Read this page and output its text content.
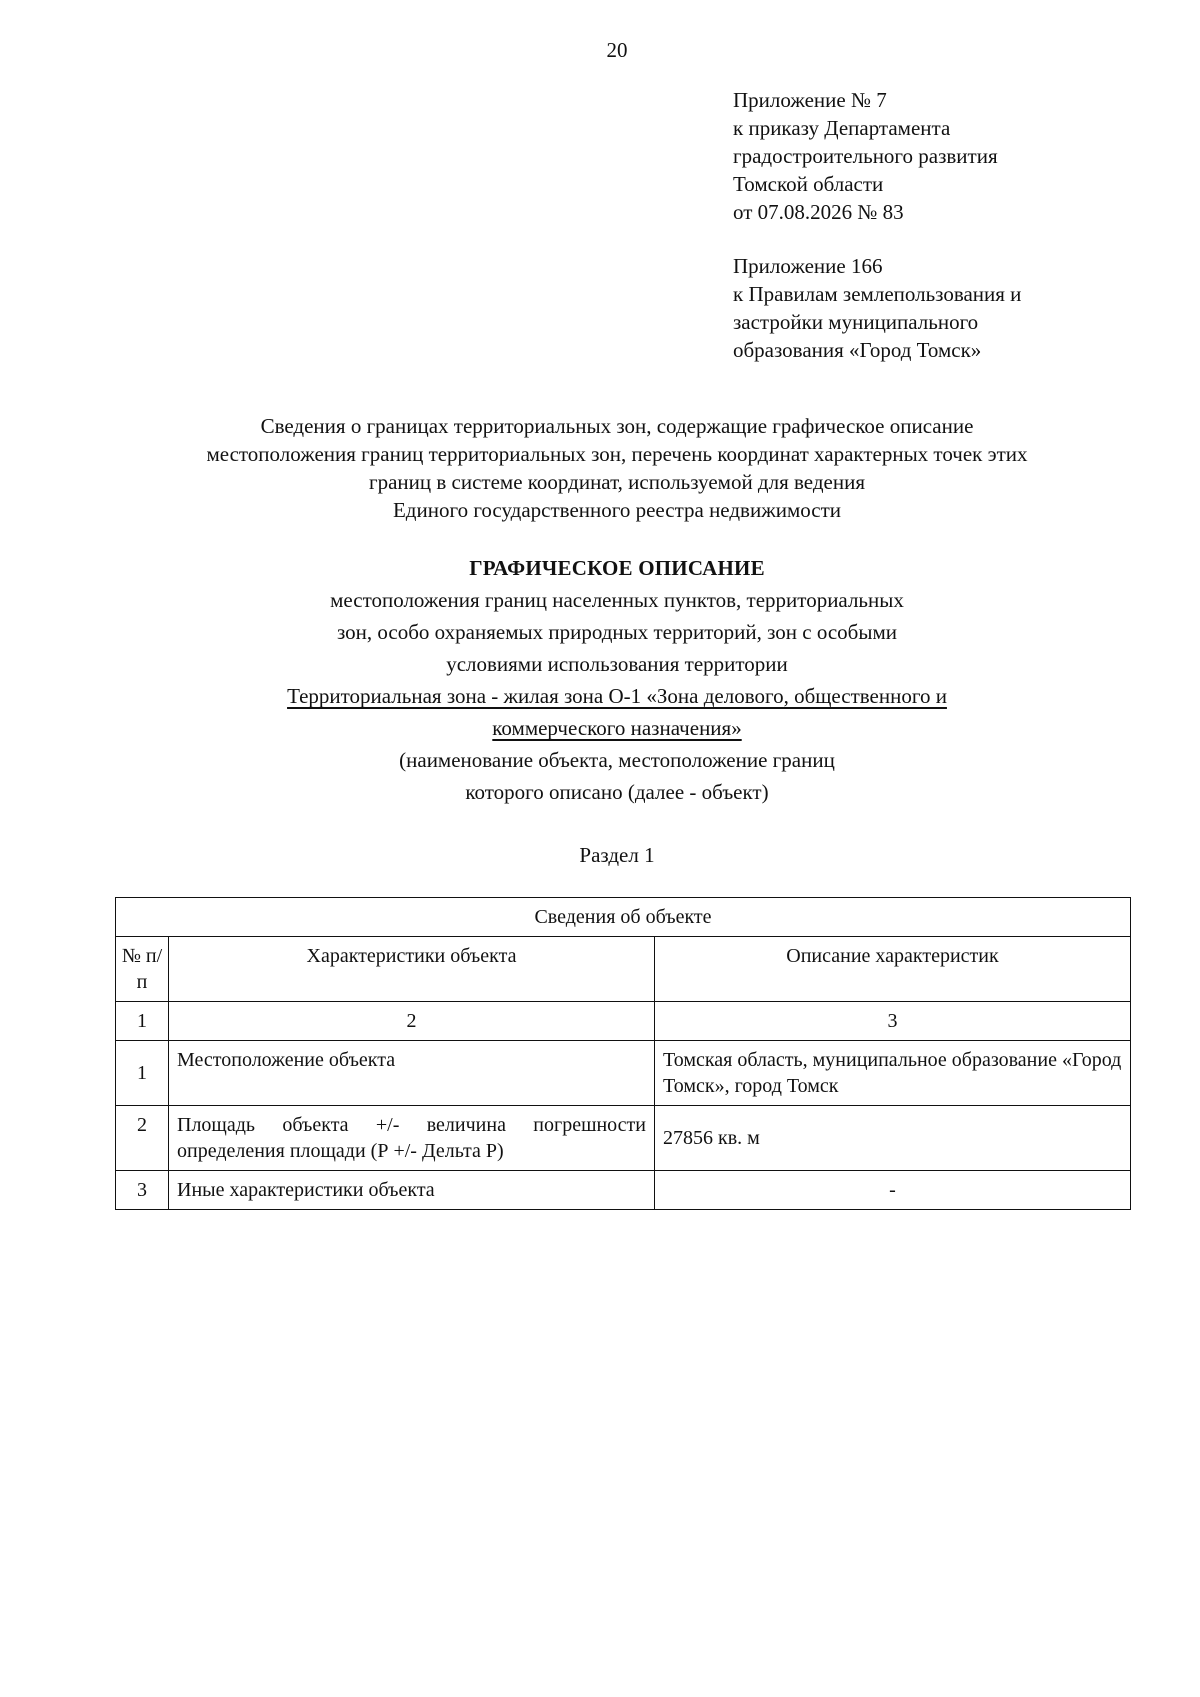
20
Приложение № 7
к приказу Департамента
градостроительного развития
Томской области
от 07.08.2026 № 83
Приложение 166
к Правилам землепользования и
застройки муниципального
образования «Город Томск»
Сведения о границах территориальных зон, содержащие графическое описание
местоположения границ территориальных зон, перечень координат характерных точек этих
границ в системе координат, используемой для ведения
Единого государственного реестра недвижимости
ГРАФИЧЕСКОЕ ОПИСАНИЕ
местоположения границ населенных пунктов, территориальных
зон, особо охраняемых природных территорий, зон с особыми
условиями использования территории
Территориальная зона - жилая зона О-1 «Зона делового, общественного и
коммерческого назначения»
(наименование объекта, местоположение границ
которого описано (далее - объект)
Раздел 1
Сведения об объекте		
№ п/п	Характеристики объекта	Описание характеристик
1	2	3
1	Местоположение объекта	Томская область, муниципальное образование «Город Томск», город Томск
2	Площадь объекта +/- величина погрешности определения площади (Р +/- Дельта Р)	27856 кв. м
3	Иные характеристики объекта	-
